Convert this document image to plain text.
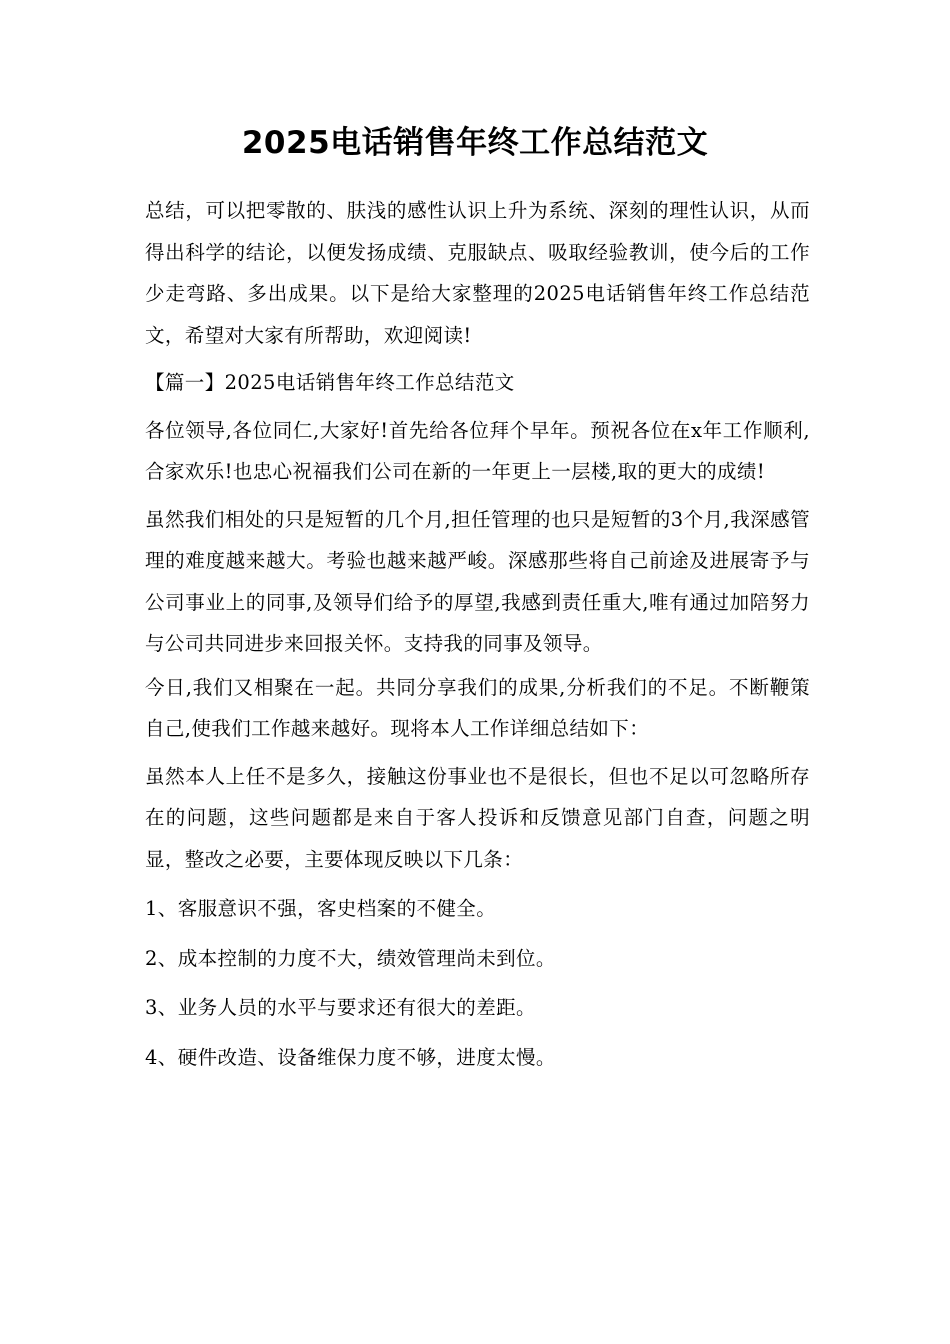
2025电话销售年终工作总结范文

总结，可以把零散的、肤浅的感性认识上升为系统、深刻的理性认识，从而得出科学的结论，以便发扬成绩、克服缺点、吸取经验教训，使今后的工作少走弯路、多出成果。以下是给大家整理的2025电话销售年终工作总结范文，希望对大家有所帮助，欢迎阅读!

【篇一】2025电话销售年终工作总结范文

各位领导,各位同仁,大家好!首先给各位拜个早年。预祝各位在x年工作顺利,合家欢乐!也忠心祝福我们公司在新的一年更上一层楼,取的更大的成绩!

虽然我们相处的只是短暂的几个月,担任管理的也只是短暂的3个月,我深感管理的难度越来越大。考验也越来越严峻。深感那些将自己前途及进展寄予与公司事业上的同事,及领导们给予的厚望,我感到责任重大,唯有通过加陪努力与公司共同进步来回报关怀。支持我的同事及领导。

今日,我们又相聚在一起。共同分享我们的成果,分析我们的不足。不断鞭策自己,使我们工作越来越好。现将本人工作详细总结如下：

虽然本人上任不是多久，接触这份事业也不是很长，但也不足以可忽略所存在的问题，这些问题都是来自于客人投诉和反馈意见部门自查，问题之明显，整改之必要，主要体现反映以下几条：

1、客服意识不强，客史档案的不健全。

2、成本控制的力度不大，绩效管理尚未到位。

3、业务人员的水平与要求还有很大的差距。

4、硬件改造、设备维保力度不够，进度太慢。
